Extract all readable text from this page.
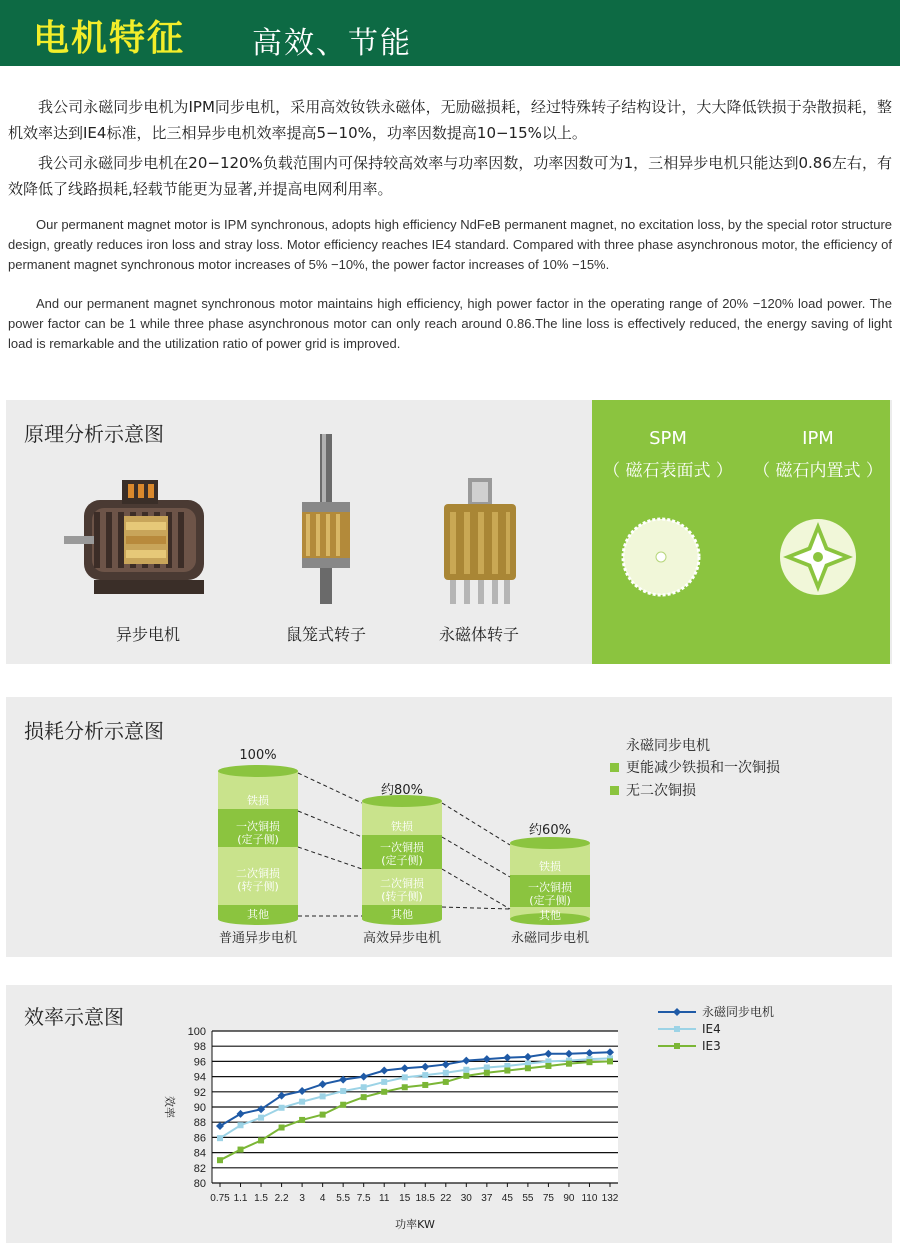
电机特征 高效、节能

我公司永磁同步电机为IPM同步电机，采用高效钕铁永磁体，无励磁损耗，经过特殊转子结构设计，大大降低铁损于杂散损耗，整机效率达到IE4标准，比三相异步电机效率提高5−10%，功率因数提高10−15%以上。

我公司永磁同步电机在20−120%负载范围内可保持较高效率与功率因数，功率因数可为1，三相异步电机只能达到0.86左右，有效降低了线路损耗,轻载节能更为显著,并提高电网利用率。

Our permanent magnet motor is IPM synchronous, adopts high efficiency NdFeB permanent magnet, no excitation loss, by the special rotor structure design, greatly reduces iron loss and stray loss. Motor efficiency reaches IE4 standard. Compared with three phase asynchronous motor, the efficiency of permanent magnet synchronous motor increases of 5% −10%, the power factor increases of 10% −15%.

And our permanent magnet synchronous motor maintains high efficiency, high power factor in the operating range of 20% −120% load power. The power factor can be 1 while three phase asynchronous motor can only reach around 0.86.The line loss is effectively reduced, the energy saving of light load is remarkable and the utilization ratio of power grid is improved.

原理分析示意图
异步电机	鼠笼式转子	永磁体转子
SPM
（ 磁石表面式 ）
IPM
（ 磁石内置式 ）
损耗分析示意图
永磁同步电机
更能减少铁损和一次铜损
无二次铜损
100%
约80%
约60%
铁损
一次铜损
(定子侧)
二次铜损
(转子侧)
其他
铁损
一次铜损
(定子侧)
二次铜损
(转子侧)
其他
铁损
一次铜损
(定子侧)
其他
普通异步电机	高效异步电机	永磁同步电机
效率示意图
80
82
84
86
88
90
92
94
96
98
100
0.75 1.1 1.5 2.2 3 4 5.5 7.5 11 15 18.5 22 30 37 45 55 75 90 110 132
功率KW
效率
永磁同步电机
IE4
IE3
